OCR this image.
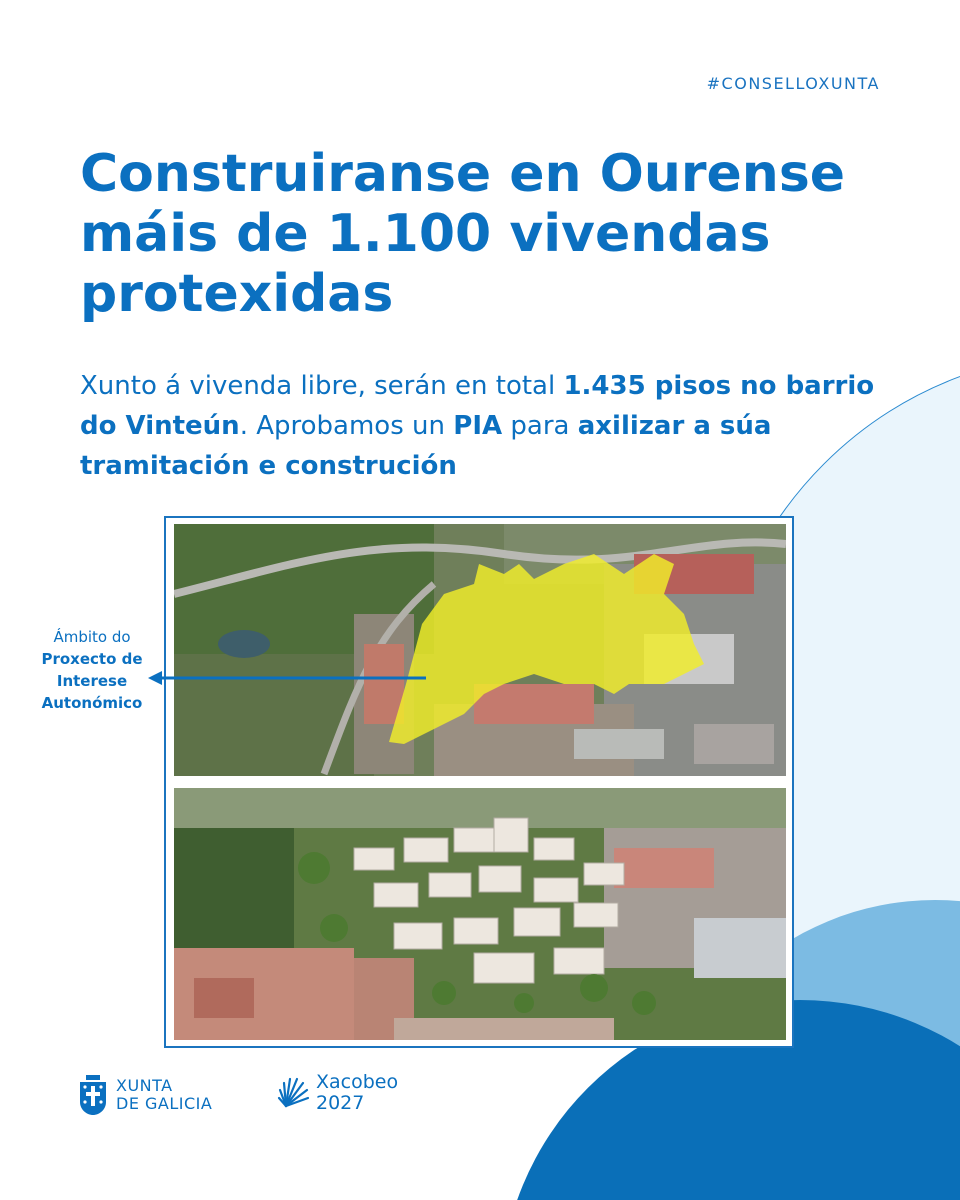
#CONSELLOXUNTA
Construiranse en Ourense máis de 1.100 vivendas protexidas

Xunto á vivenda libre, serán en total 1.435 pisos no barrio do Vinteún. Aprobamos un PIA para axilizar a súa tramitación e construción

Ámbito do
Proxecto de
Interese
Autonómico
XUNTA
DE GALICIA
Xacobeo
2027
